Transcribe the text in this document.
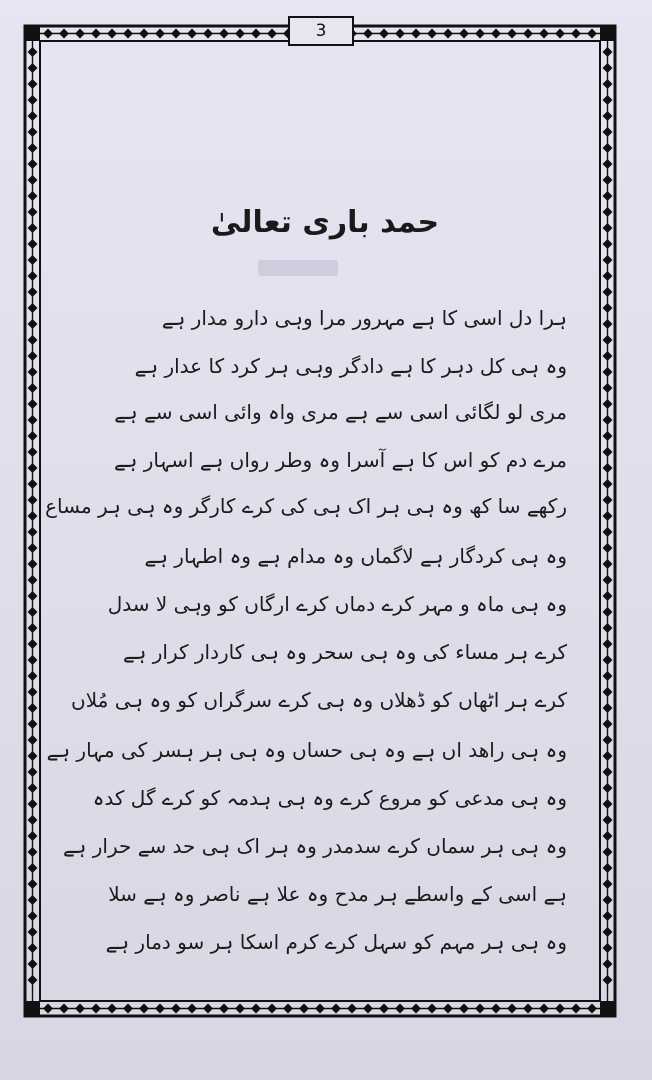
3
حمد باری تعالیٰ

ہرا دل اسی کا ہے مہرور مرا وہی دارو مدار ہے

وہ ہی کل دہر کا ہے دادگر وہی ہر کرد کا عدار ہے

مری لو لگائی اسی سے ہے مری واہ وائی اسی سے ہے

مرے دم کو اس کا ہے آسرا وہ وطر رواں ہے اسہار ہے

رکھے سا کھ وہ ہی ہر اک ہی کی کرے کارگر وہ ہی ہر مساع

وہ ہی کردگار ہے لاگماں وہ مدام ہے وہ اطہار ہے

وہ ہی ماہ و مہر کرے دماں کرے ارگاں کو وہی لا سدل

کرے ہر مساء کی وہ ہی سحر وہ ہی کاردار کرار ہے

کرے ہر اٹھاں کو ڈھلاں وہ ہی کرے سرگراں کو وہ ہی مُلاں

وہ ہی راھد اں ہے وہ ہی حساں وہ ہی ہر ہسر کی مہار ہے

وہ ہی مدعی کو مروع کرے وہ ہی ہدمہ کو کرے گل کدہ

وہ ہی ہر سماں کرے سدمدر وہ ہر اک ہی حد سے حرار ہے

ہے اسی کے واسطے ہر مدح وہ علا ہے ناصر وہ ہے سلا

وہ ہی ہر مہم کو سہل کرے کرم اسکا ہر سو دمار ہے
